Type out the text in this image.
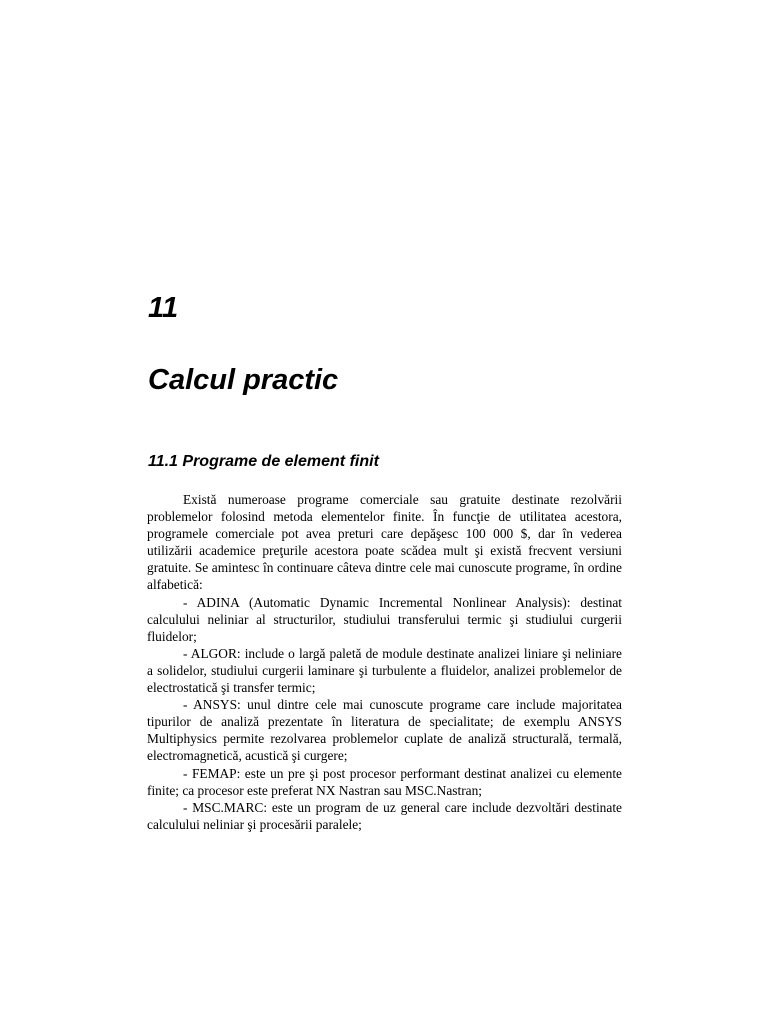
11
Calcul practic
11.1 Programe de element finit

Există numeroase programe comerciale sau gratuite destinate rezolvării problemelor folosind metoda elementelor finite. În funcţie de utilitatea acestora, programele comerciale pot avea preturi care depăşesc 100 000 $, dar în vederea utilizării academice preţurile acestora poate scădea mult şi există frecvent versiuni gratuite. Se amintesc în continuare câteva dintre cele mai cunoscute programe, în ordine alfabetică:

- ADINA (Automatic Dynamic Incremental Nonlinear Analysis): destinat calculului neliniar al structurilor, studiului transferului termic şi studiului curgerii fluidelor;

- ALGOR: include o largă paletă de module destinate analizei liniare şi neliniare a solidelor, studiului curgerii laminare şi turbulente a fluidelor, analizei problemelor de electrostatică şi transfer termic;

- ANSYS: unul dintre cele mai cunoscute programe care include majoritatea tipurilor de analiză prezentate în literatura de specialitate; de exemplu ANSYS Multiphysics permite rezolvarea problemelor cuplate de analiză structurală, termală, electromagnetică, acustică şi curgere;

- FEMAP: este un pre şi post procesor performant destinat analizei cu elemente finite; ca procesor este preferat NX Nastran sau MSC.Nastran;

- MSC.MARC: este un program de uz general care include dezvoltări destinate calculului neliniar şi procesării paralele;
